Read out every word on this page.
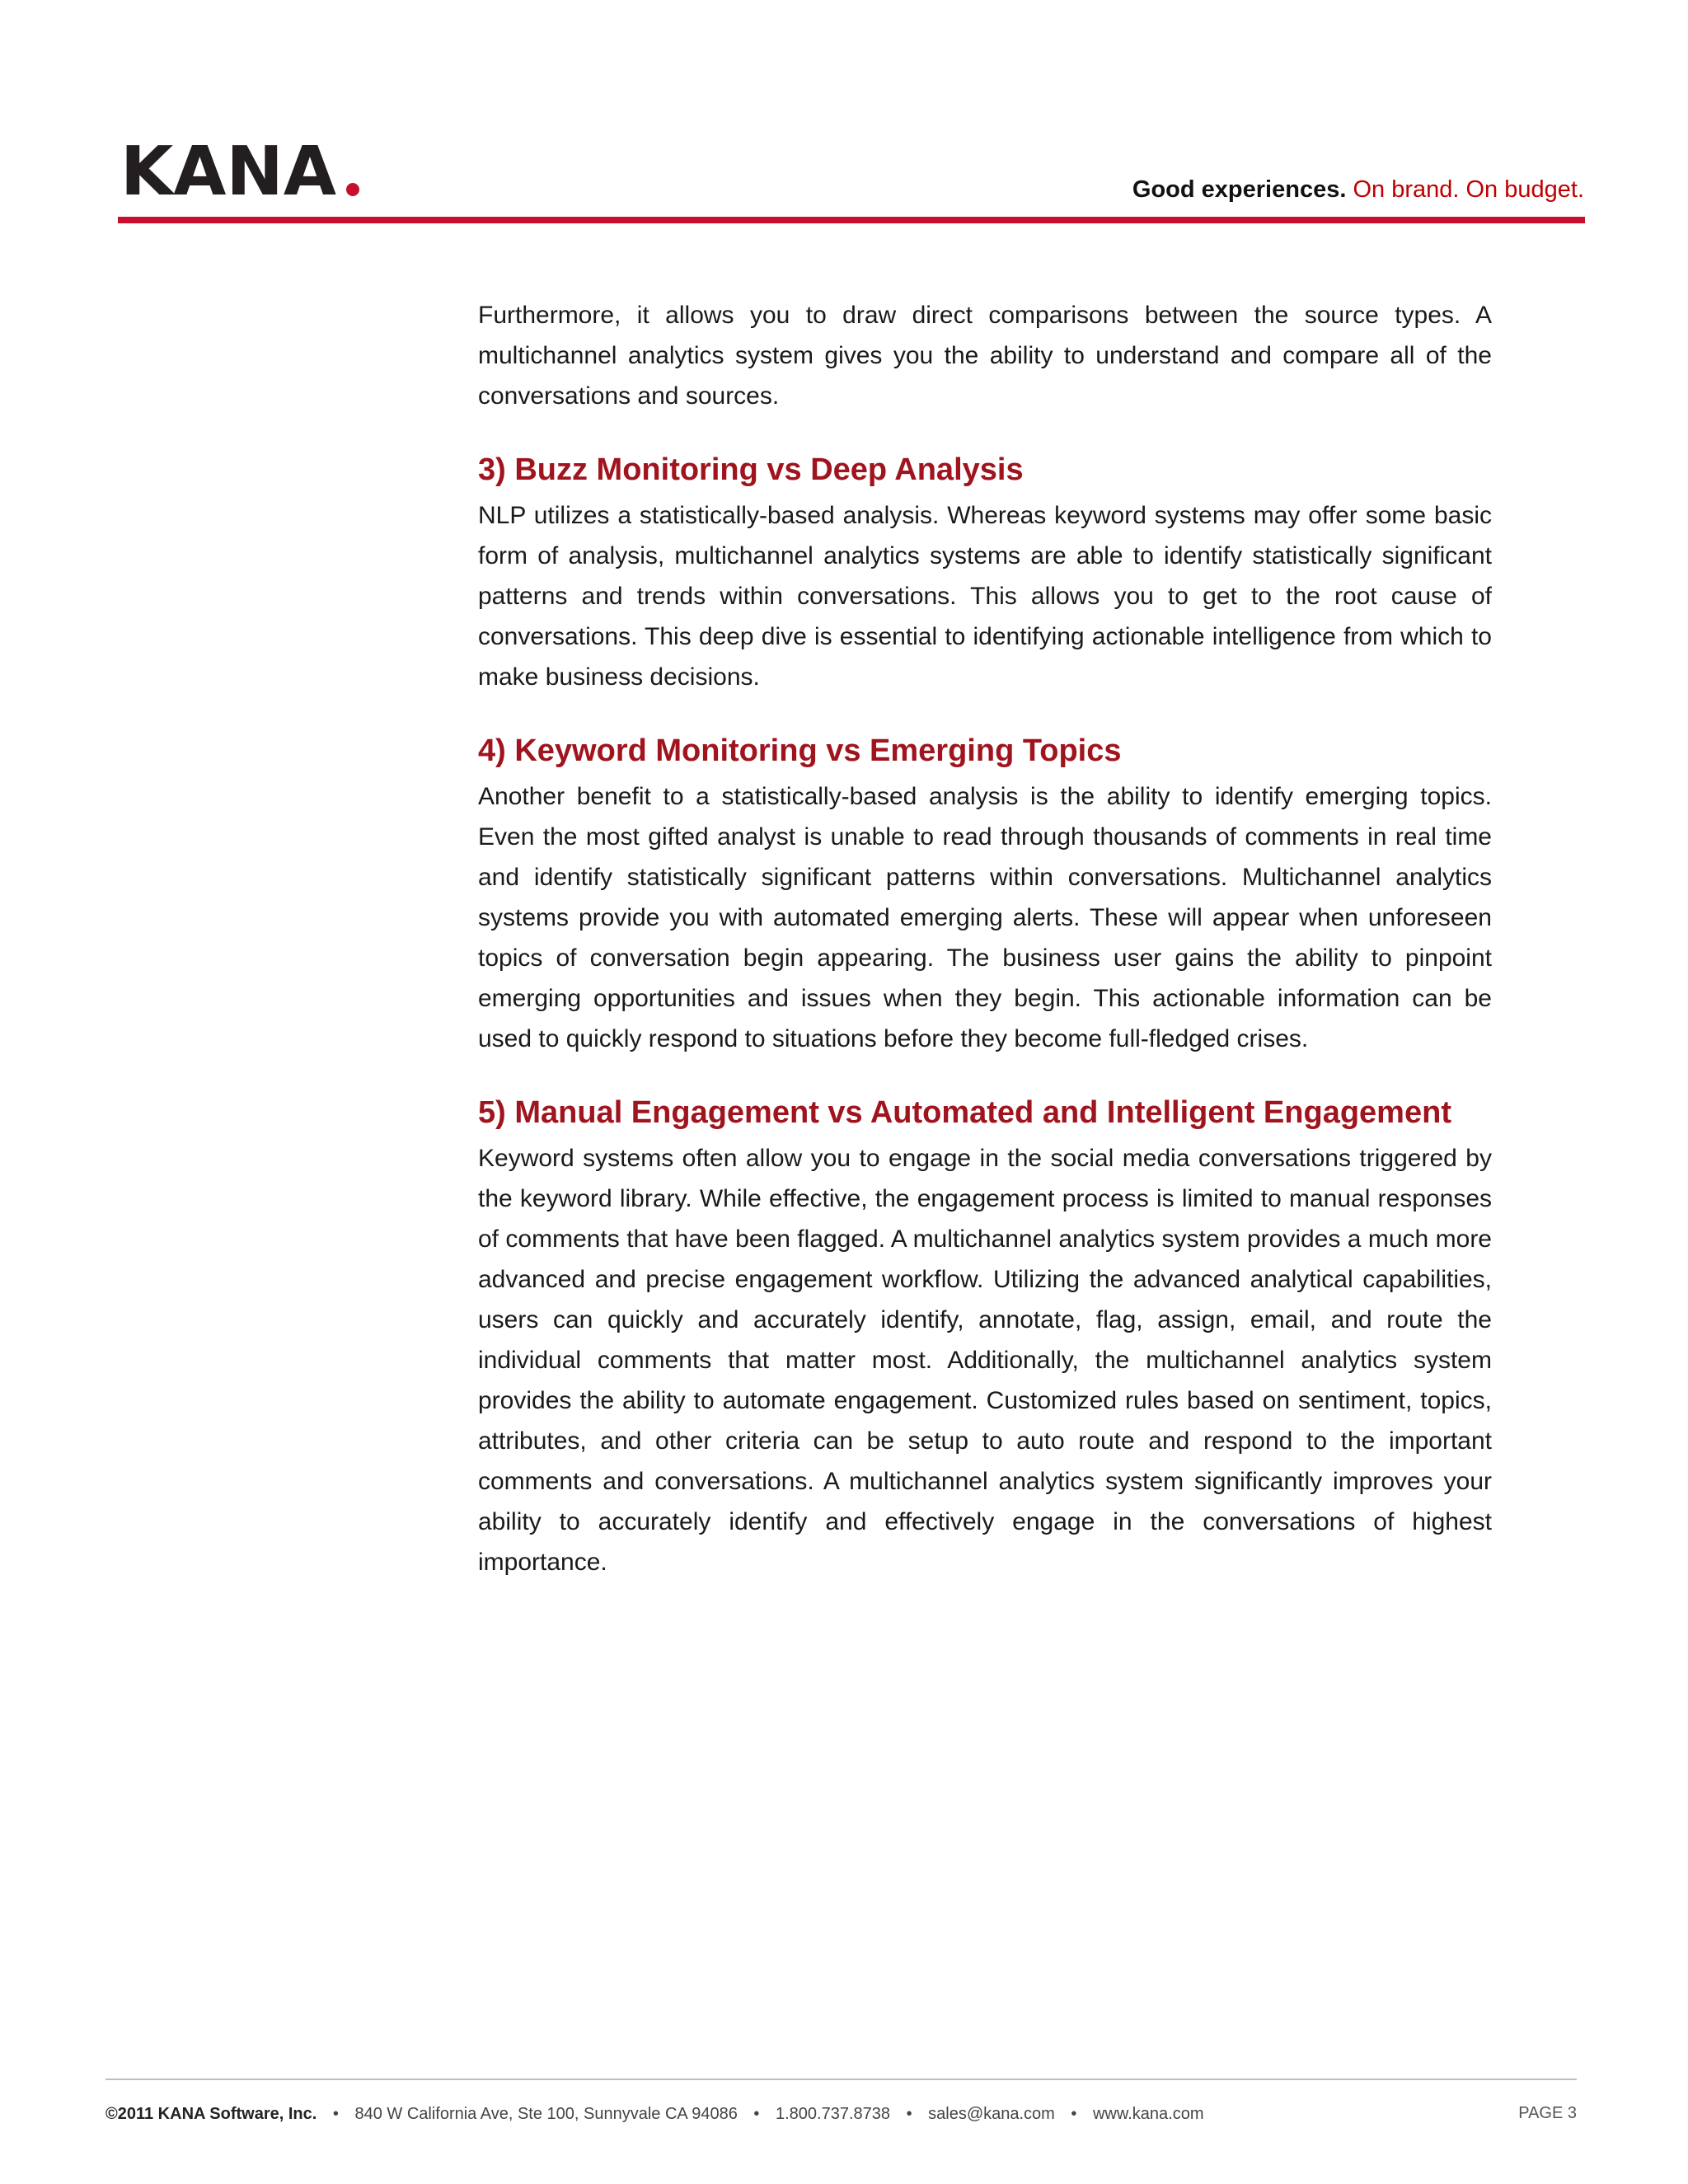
KANA	Good experiences. On brand. On budget.

Furthermore, it allows you to draw direct comparisons between the source types. A multichannel analytics system gives you the ability to understand and compare all of the conversations and sources.

3) Buzz Monitoring vs Deep Analysis

NLP utilizes a statistically-based analysis. Whereas keyword systems may offer some basic form of analysis, multichannel analytics systems are able to identify statistically significant patterns and trends within conversations. This allows you to get to the root cause of conversations. This deep dive is essential to identifying actionable intelligence from which to make business decisions.

4) Keyword Monitoring vs Emerging Topics

Another benefit to a statistically-based analysis is the ability to identify emerging topics. Even the most gifted analyst is unable to read through thousands of comments in real time and identify statistically significant patterns within conversations. Multichannel analytics systems provide you with automated emerging alerts. These will appear when unforeseen topics of conversation begin appearing. The business user gains the ability to pinpoint emerging opportunities and issues when they begin. This actionable information can be used to quickly respond to situations before they become full-fledged crises.

5) Manual Engagement vs Automated and Intelligent Engagement

Keyword systems often allow you to engage in the social media conversations triggered by the keyword library. While effective, the engagement process is limited to manual responses of comments that have been flagged. A multichannel analytics system provides a much more advanced and precise engagement workflow. Utilizing the advanced analytical capabilities, users can quickly and accurately identify, annotate, flag, assign, email, and route the individual comments that matter most. Additionally, the multichannel analytics system provides the ability to automate engagement. Customized rules based on sentiment, topics, attributes, and other criteria can be setup to auto route and respond to the important comments and conversations. A multichannel analytics system significantly improves your ability to accurately identify and effectively engage in the conversations of highest importance.

©2011 KANA Software, Inc. • 840 W California Ave, Ste 100, Sunnyvale CA 94086 • 1.800.737.8738 • sales@kana.com • www.kana.com	PAGE 3
